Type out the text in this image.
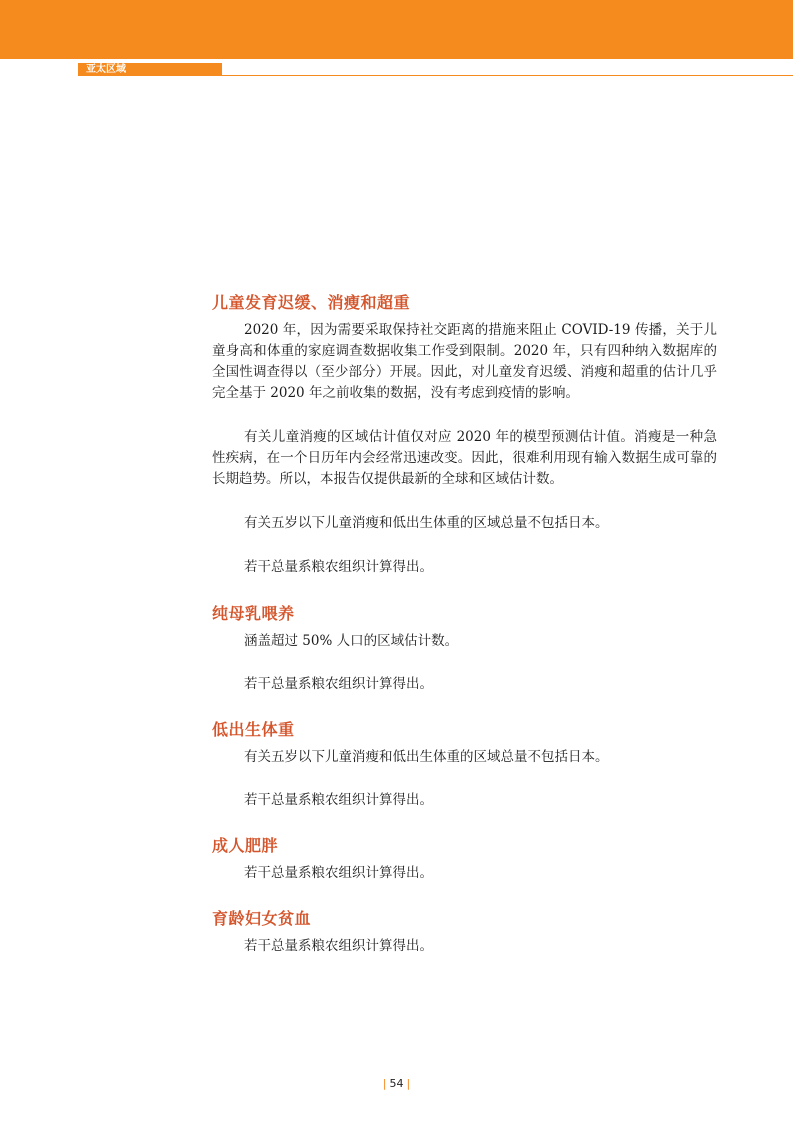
亚太区域
儿童发育迟缓、消瘦和超重

2020 年，因为需要采取保持社交距离的措施来阻止 COVID-19 传播，关于儿童身高和体重的家庭调查数据收集工作受到限制。2020 年，只有四种纳入数据库的全国性调查得以（至少部分）开展。因此，对儿童发育迟缓、消瘦和超重的估计几乎完全基于 2020 年之前收集的数据，没有考虑到疫情的影响。

有关儿童消瘦的区域估计值仅对应 2020 年的模型预测估计值。消瘦是一种急性疾病，在一个日历年内会经常迅速改变。因此，很难利用现有输入数据生成可靠的长期趋势。所以，本报告仅提供最新的全球和区域估计数。

有关五岁以下儿童消瘦和低出生体重的区域总量不包括日本。

若干总量系粮农组织计算得出。

纯母乳喂养

涵盖超过 50% 人口的区域估计数。

若干总量系粮农组织计算得出。

低出生体重

有关五岁以下儿童消瘦和低出生体重的区域总量不包括日本。

若干总量系粮农组织计算得出。

成人肥胖

若干总量系粮农组织计算得出。

育龄妇女贫血

若干总量系粮农组织计算得出。

| 54 |
